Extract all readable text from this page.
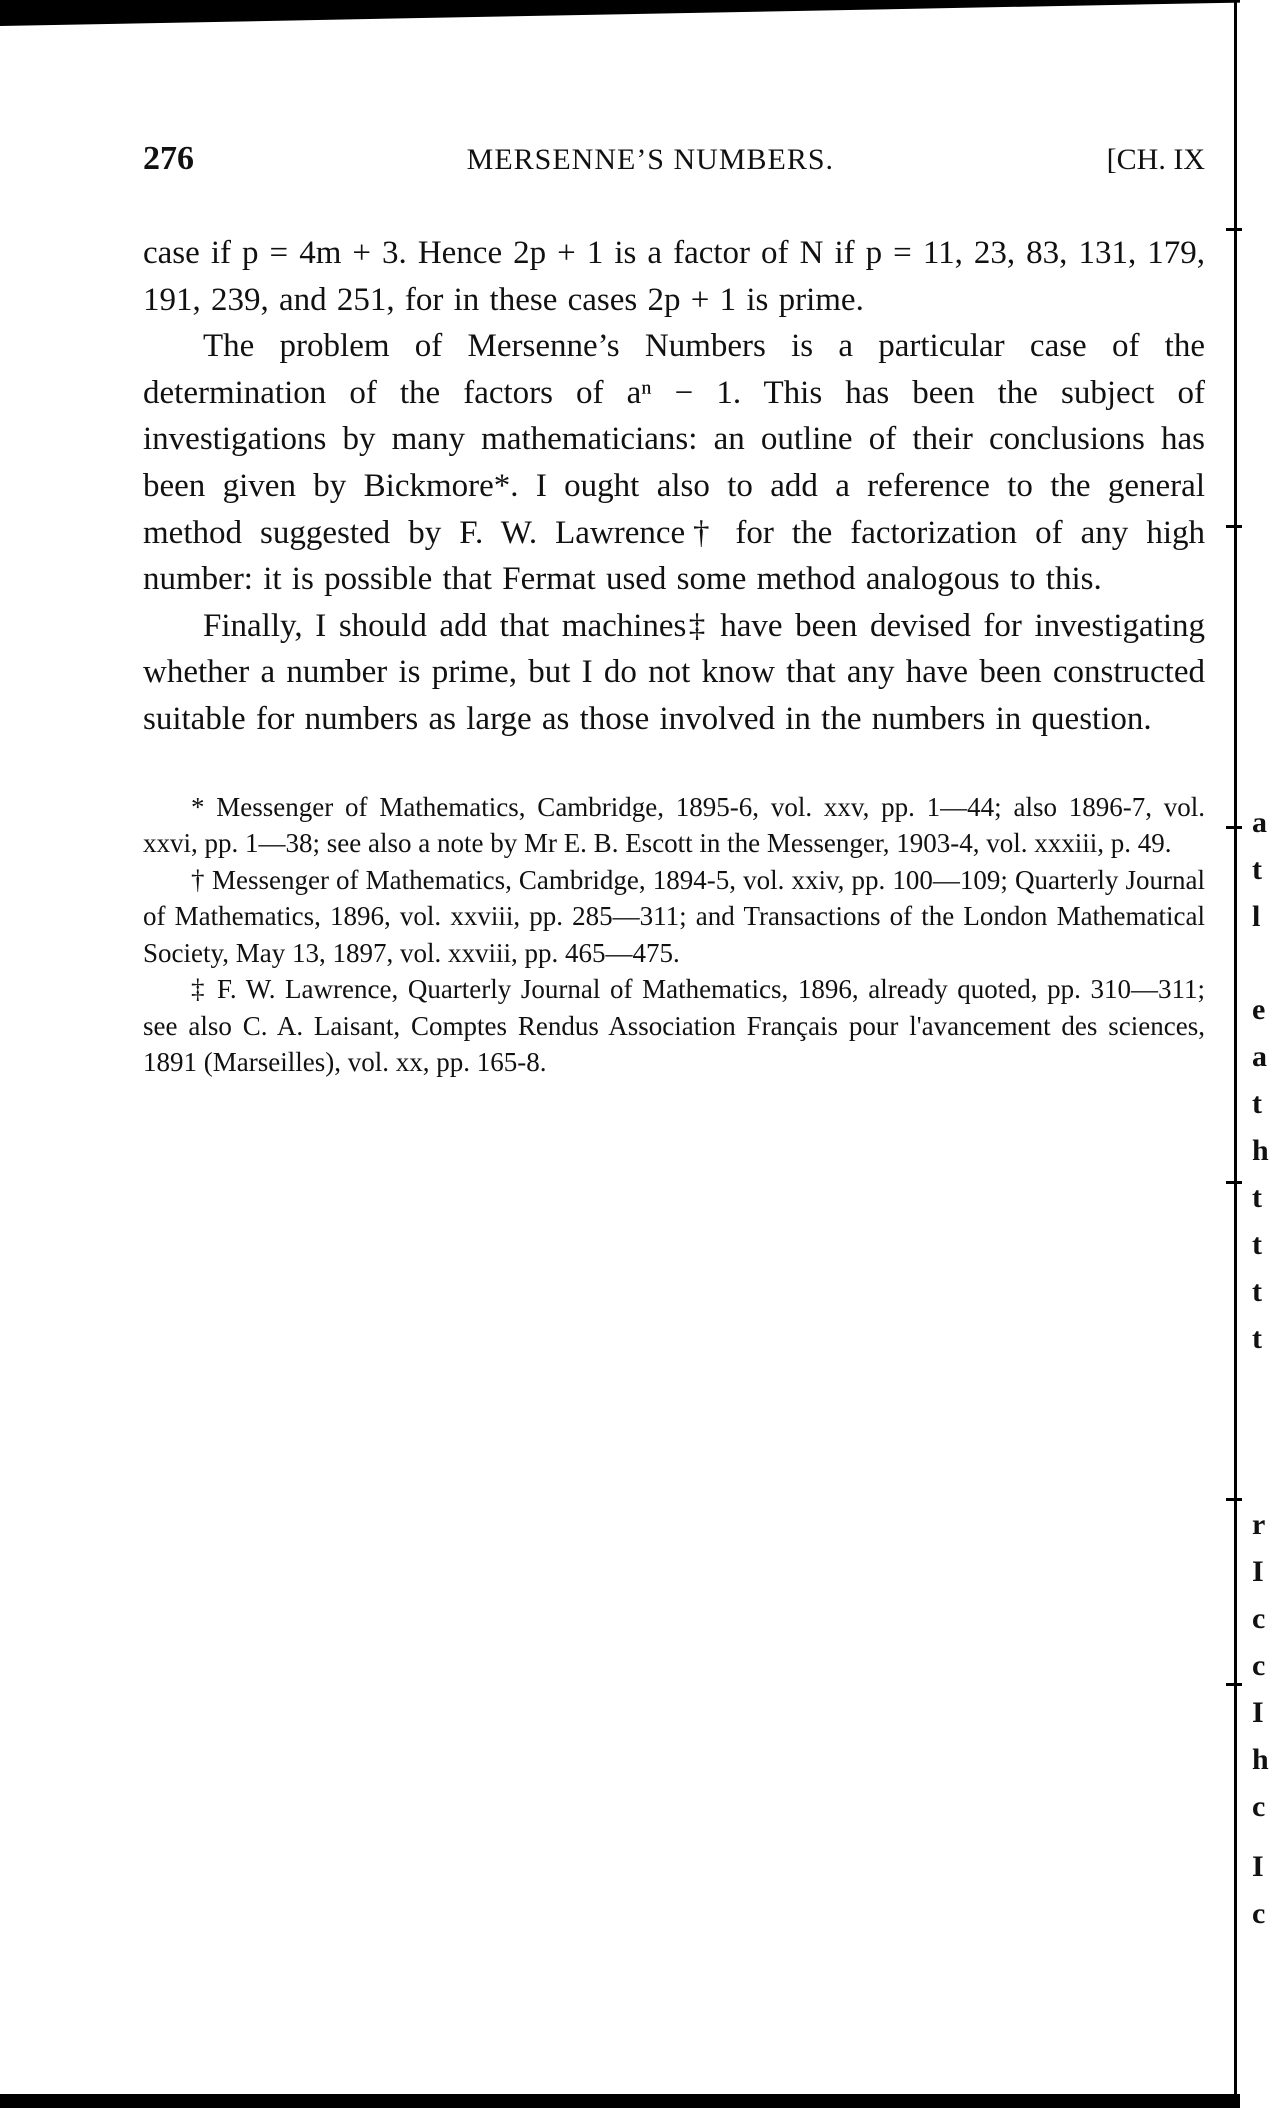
a
t
l
e
a
t
h
t
t
t
t
r
I
c
c
I
h
c
I
c
276	MERSENNE’S NUMBERS.	[CH. IX

case if p = 4m + 3. Hence 2p + 1 is a factor of N if p = 11, 23, 83, 131, 179, 191, 239, and 251, for in these cases 2p + 1 is prime.

The problem of Mersenne’s Numbers is a particular case of the determination of the factors of aⁿ − 1. This has been the subject of investigations by many mathematicians: an outline of their conclusions has been given by Bickmore*. I ought also to add a reference to the general method suggested by F. W. Lawrence† for the factorization of any high number: it is possible that Fermat used some method analogous to this.

Finally, I should add that machines‡ have been devised for investigating whether a number is prime, but I do not know that any have been constructed suitable for numbers as large as those involved in the numbers in question.

* Messenger of Mathematics, Cambridge, 1895-6, vol. xxv, pp. 1—44; also 1896-7, vol. xxvi, pp. 1—38; see also a note by Mr E. B. Escott in the Messenger, 1903-4, vol. xxxiii, p. 49.

† Messenger of Mathematics, Cambridge, 1894-5, vol. xxiv, pp. 100—109; Quarterly Journal of Mathematics, 1896, vol. xxviii, pp. 285—311; and Transactions of the London Mathematical Society, May 13, 1897, vol. xxviii, pp. 465—475.

‡ F. W. Lawrence, Quarterly Journal of Mathematics, 1896, already quoted, pp. 310—311; see also C. A. Laisant, Comptes Rendus Association Français pour l'avancement des sciences, 1891 (Marseilles), vol. xx, pp. 165-8.
